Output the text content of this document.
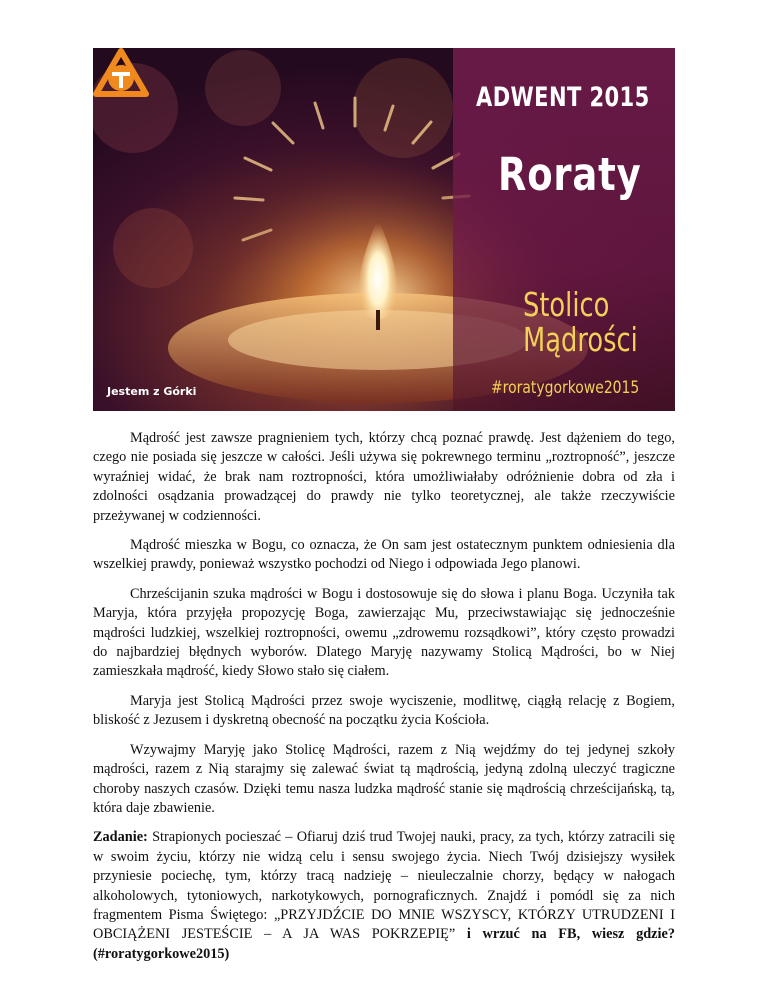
ADWENT 2015
Roraty
Stolico
Mądrości
#roratygorkowe2015
Jestem z Górki

Mądrość jest zawsze pragnieniem tych, którzy chcą poznać prawdę. Jest dążeniem do tego, czego nie posiada się jeszcze w całości. Jeśli używa się pokrewnego terminu „roztropność”, jeszcze wyraźniej widać, że brak nam roztropności, która umożliwiałaby odróżnienie dobra od zła i zdolności osądzania prowadzącej do prawdy nie tylko teoretycznej, ale także rzeczywiście przeżywanej w codzienności.

Mądrość mieszka w Bogu, co oznacza, że On sam jest ostatecznym punktem odniesienia dla wszelkiej prawdy, ponieważ wszystko pochodzi od Niego i odpowiada Jego planowi.

Chrześcijanin szuka mądrości w Bogu i dostosowuje się do słowa i planu Boga. Uczyniła tak Maryja, która przyjęła propozycję Boga, zawierzając Mu, przeciwstawiając się jednocześnie mądrości ludzkiej, wszelkiej roztropności, owemu „zdrowemu rozsądkowi”, który często prowadzi do najbardziej błędnych wyborów. Dlatego Maryję nazywamy Stolicą Mądrości, bo w Niej zamieszkała mądrość, kiedy Słowo stało się ciałem.

Maryja jest Stolicą Mądrości przez swoje wyciszenie, modlitwę, ciągłą relację z Bogiem, bliskość z Jezusem i dyskretną obecność na początku życia Kościoła.

Wzywajmy Maryję jako Stolicę Mądrości, razem z Nią wejdźmy do tej jedynej szkoły mądrości, razem z Nią starajmy się zalewać świat tą mądrością, jedyną zdolną uleczyć tragiczne choroby naszych czasów. Dzięki temu nasza ludzka mądrość stanie się mądrością chrześcijańską, tą, która daje zbawienie.

Zadanie: Strapionych pocieszać – Ofiaruj dziś trud Twojej nauki, pracy, za tych, którzy zatracili się w swoim życiu, którzy nie widzą celu i sensu swojego życia. Niech Twój dzisiejszy wysiłek przyniesie pociechę, tym, którzy tracą nadzieję – nieuleczalnie chorzy, będący w nałogach alkoholowych, tytoniowych, narkotykowych, pornograficznych. Znajdź i pomódl się za nich fragmentem Pisma Świętego: „PRZYJDŹCIE DO MNIE WSZYSCY, KTÓRZY UTRUDZENI I OBCIĄŻENI JESTEŚCIE – A JA WAS POKRZEPIĘ” i wrzuć na FB, wiesz gdzie? (#roratygorkowe2015)
